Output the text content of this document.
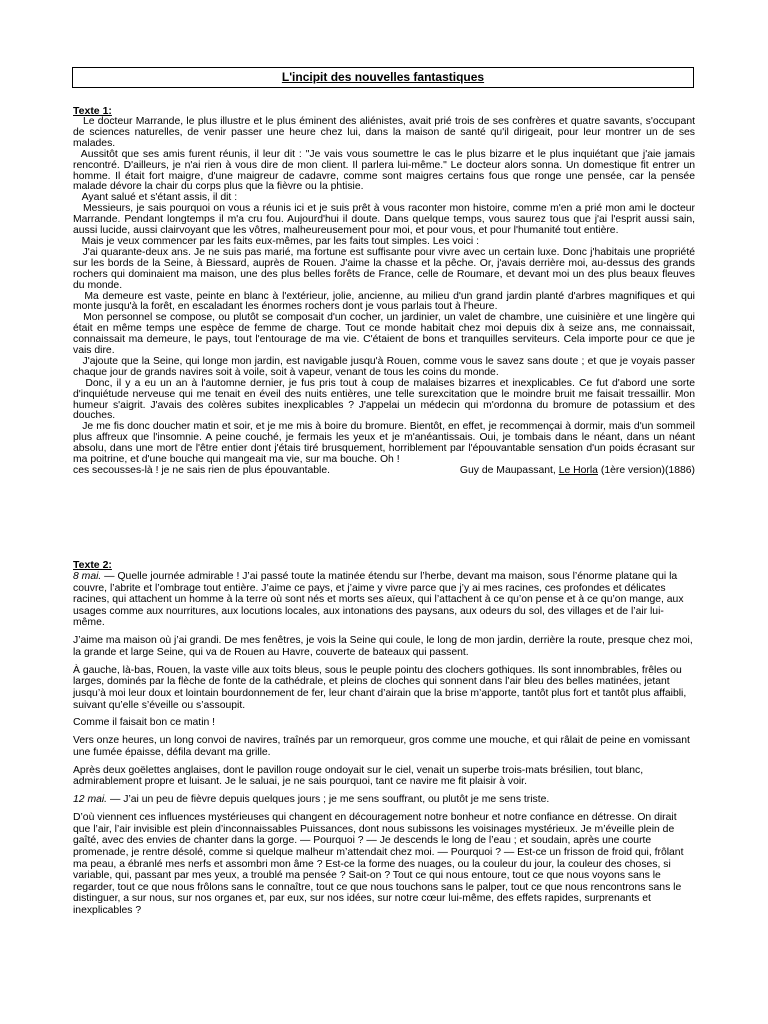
L'incipit des nouvelles fantastiques

Texte 1:

Le docteur Marrande, le plus illustre et le plus éminent des aliénistes, avait prié trois de ses confrères et quatre savants, s'occupant de sciences naturelles, de venir passer une heure chez lui, dans la maison de santé qu'il dirigeait, pour leur montrer un de ses malades.

Aussitôt que ses amis furent réunis, il leur dit : "Je vais vous soumettre le cas le plus bizarre et le plus inquiétant que j'aie jamais rencontré. D'ailleurs, je n'ai rien à vous dire de mon client. Il parlera lui-même." Le docteur alors sonna. Un domestique fit entrer un homme. Il était fort maigre, d'une maigreur de cadavre, comme sont maigres certains fous que ronge une pensée, car la pensée malade dévore la chair du corps plus que la fièvre ou la phtisie.

Ayant salué et s'étant assis, il dit :

Messieurs, je sais pourquoi on vous a réunis ici et je suis prêt à vous raconter mon histoire, comme m'en a prié mon ami le docteur Marrande. Pendant longtemps il m'a cru fou. Aujourd'hui il doute. Dans quelque temps, vous saurez tous que j'ai l'esprit aussi sain, aussi lucide, aussi clairvoyant que les vôtres, malheureusement pour moi, et pour vous, et pour l'humanité tout entière.

Mais je veux commencer par les faits eux-mêmes, par les faits tout simples. Les voici :

J'ai quarante-deux ans. Je ne suis pas marié, ma fortune est suffisante pour vivre avec un certain luxe. Donc j'habitais une propriété sur les bords de la Seine, à Biessard, auprès de Rouen. J'aime la chasse et la pêche. Or, j'avais derrière moi, au-dessus des grands rochers qui dominaient ma maison, une des plus belles forêts de France, celle de Roumare, et devant moi un des plus beaux fleuves du monde.

Ma demeure est vaste, peinte en blanc à l'extérieur, jolie, ancienne, au milieu d'un grand jardin planté d'arbres magnifiques et qui monte jusqu'à la forêt, en escaladant les énormes rochers dont je vous parlais tout à l'heure.

Mon personnel se compose, ou plutôt se composait d'un cocher, un jardinier, un valet de chambre, une cuisinière et une lingère qui était en même temps une espèce de femme de charge. Tout ce monde habitait chez moi depuis dix à seize ans, me connaissait, connaissait ma demeure, le pays, tout l'entourage de ma vie. C'étaient de bons et tranquilles serviteurs. Cela importe pour ce que je vais dire.

J'ajoute que la Seine, qui longe mon jardin, est navigable jusqu'à Rouen, comme vous le savez sans doute ; et que je voyais passer chaque jour de grands navires soit à voile, soit à vapeur, venant de tous les coins du monde.

Donc, il y a eu un an à l'automne dernier, je fus pris tout à coup de malaises bizarres et inexplicables. Ce fut d'abord une sorte d'inquiétude nerveuse qui me tenait en éveil des nuits entières, une telle surexcitation que le moindre bruit me faisait tressaillir. Mon humeur s'aigrit. J'avais des colères subites inexplicables ? J'appelai un médecin qui m'ordonna du bromure de potassium et des douches.

Je me fis donc doucher matin et soir, et je me mis à boire du bromure. Bientôt, en effet, je recommençai à dormir, mais d'un sommeil plus affreux que l'insomnie. A peine couché, je fermais les yeux et je m'anéantissais. Oui, je tombais dans le néant, dans un néant absolu, dans une mort de l'être entier dont j'étais tiré brusquement, horriblement par l'épouvantable sensation d'un poids écrasant sur ma poitrine, et d'une bouche qui mangeait ma vie, sur ma bouche. Oh !

ces secousses-là ! je ne sais rien de plus épouvantable.	Guy de Maupassant, Le Horla (1ère version)(1886)

Texte 2:

8 mai. — Quelle journée admirable ! J’ai passé toute la matinée étendu sur l’herbe, devant ma maison, sous l’énorme platane qui la couvre, l’abrite et l’ombrage tout entière. J’aime ce pays, et j’aime y vivre parce que j’y ai mes racines, ces profondes et délicates racines, qui attachent un homme à la terre où sont nés et morts ses aïeux, qui l’attachent à ce qu’on pense et à ce qu’on mange, aux usages comme aux nourritures, aux locutions locales, aux intonations des paysans, aux odeurs du sol, des villages et de l’air lui-même.

J’aime ma maison où j’ai grandi. De mes fenêtres, je vois la Seine qui coule, le long de mon jardin, derrière la route, presque chez moi, la grande et large Seine, qui va de Rouen au Havre, couverte de bateaux qui passent.

À gauche, là-bas, Rouen, la vaste ville aux toits bleus, sous le peuple pointu des clochers gothiques. Ils sont innombrables, frêles ou larges, dominés par la flèche de fonte de la cathédrale, et pleins de cloches qui sonnent dans l’air bleu des belles matinées, jetant jusqu’à moi leur doux et lointain bourdonnement de fer, leur chant d’airain que la brise m’apporte, tantôt plus fort et tantôt plus affaibli, suivant qu’elle s’éveille ou s’assoupit.

Comme il faisait bon ce matin !

Vers onze heures, un long convoi de navires, traînés par un remorqueur, gros comme une mouche, et qui râlait de peine en vomissant une fumée épaisse, défila devant ma grille.

Après deux goëlettes anglaises, dont le pavillon rouge ondoyait sur le ciel, venait un superbe trois-mats brésilien, tout blanc, admirablement propre et luisant. Je le saluai, je ne sais pourquoi, tant ce navire me fit plaisir à voir.

12 mai. — J’ai un peu de fièvre depuis quelques jours ; je me sens souffrant, ou plutôt je me sens triste.

D’où viennent ces influences mystérieuses qui changent en découragement notre bonheur et notre confiance en détresse. On dirait que l’air, l’air invisible est plein d’inconnaissables Puissances, dont nous subissons les voisinages mystérieux. Je m’éveille plein de gaîté, avec des envies de chanter dans la gorge. — Pourquoi ? — Je descends le long de l’eau ; et soudain, après une courte promenade, je rentre désolé, comme si quelque malheur m’attendait chez moi. — Pourquoi ? — Est-ce un frisson de froid qui, frôlant ma peau, a ébranlé mes nerfs et assombri mon âme ? Est-ce la forme des nuages, ou la couleur du jour, la couleur des choses, si variable, qui, passant par mes yeux, a troublé ma pensée ? Sait-on ? Tout ce qui nous entoure, tout ce que nous voyons sans le regarder, tout ce que nous frôlons sans le connaître, tout ce que nous touchons sans le palper, tout ce que nous rencontrons sans le distinguer, a sur nous, sur nos organes et, par eux, sur nos idées, sur notre cœur lui-même, des effets rapides, surprenants et inexplicables ?
